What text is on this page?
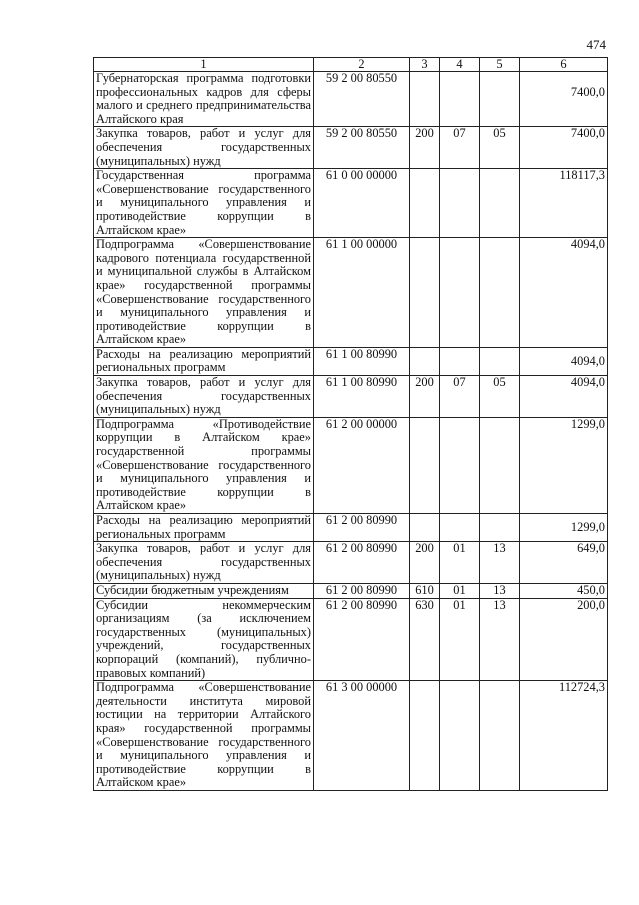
474
1	2	3	4	5	6
Губернаторская программа подготовки профессиональных кадров для сферы малого и среднего предпринимательства Алтайского края	59 2 00 80550				7400,0

Закупка товаров, работ и услуг для обеспечения государственных (муниципальных) нужд	59 2 00 80550	200	07	05	7400,0

Государственная программа «Совершенствование государственного и муниципального управления и противодействие коррупции в Алтайском крае»	61 0 00 00000				118117,3

Подпрограмма «Совершенствование кадрового потенциала государственной и муниципальной службы в Алтайском крае» государственной программы «Совершенствование государственного и муниципального управления и противодействие коррупции в Алтайском крае»	61 1 00 00000				4094,0

Расходы на реализацию мероприятий региональных программ	61 1 00 80990				4094,0

Закупка товаров, работ и услуг для обеспечения государственных (муниципальных) нужд	61 1 00 80990	200	07	05	4094,0

Подпрограмма «Противодействие коррупции в Алтайском крае» государственной программы «Совершенствование государственного и муниципального управления и противодействие коррупции в Алтайском крае»	61 2 00 00000				1299,0

Расходы на реализацию мероприятий региональных программ	61 2 00 80990				1299,0

Закупка товаров, работ и услуг для обеспечения государственных (муниципальных) нужд	61 2 00 80990	200	01	13	649,0

Субсидии бюджетным учреждениям	61 2 00 80990	610	01	13	450,0

Субсидии некоммерческим организациям (за исключением государственных (муниципальных) учреждений, государственных корпораций (компаний), публично-правовых компаний)	61 2 00 80990	630	01	13	200,0

Подпрограмма «Совершенствование деятельности института мировой юстиции на территории Алтайского края» государственной программы «Совершенствование государственного и муниципального управления и противодействие коррупции в Алтайском крае»	61 3 00 00000				112724,3
